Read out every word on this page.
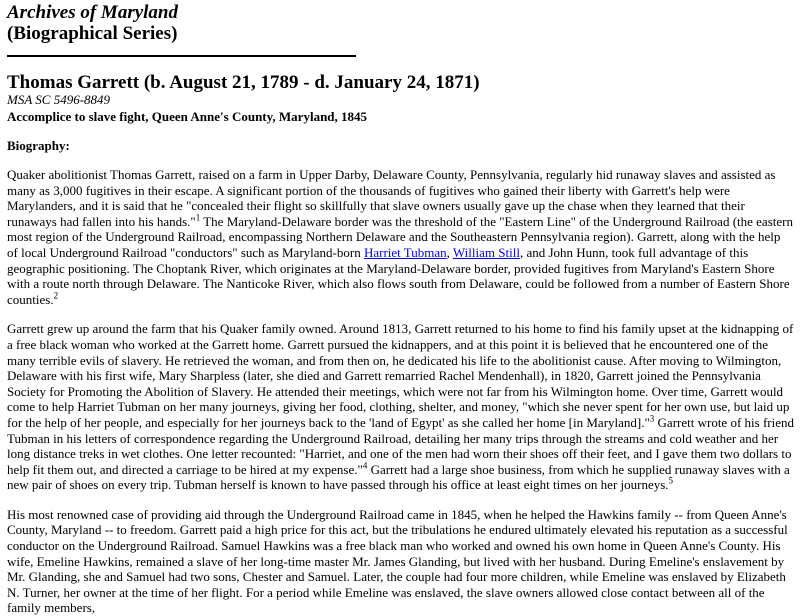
Archives of Maryland
(Biographical Series)
Thomas Garrett (b. August 21, 1789 - d. January 24, 1871)
MSA SC 5496-8849
Accomplice to slave fight, Queen Anne's County, Maryland, 1845
Biography:

Quaker abolitionist Thomas Garrett, raised on a farm in Upper Darby, Delaware County, Pennsylvania, regularly hid runaway slaves and assisted as many as 3,000 fugitives in their escape. A significant portion of the thousands of fugitives who gained their liberty with Garrett's help were Marylanders, and it is said that he "concealed their flight so skillfully that slave owners usually gave up the chase when they learned that their runaways had fallen into his hands."$^1$ The Maryland-Delaware border was the threshold of the "Eastern Line" of the Underground Railroad (the eastern most region of the Underground Railroad, encompassing Northern Delaware and the Southeastern Pennsylvania region). Garrett, along with the help of local Underground Railroad "conductors" such as Maryland-born Harriet Tubman, William Still, and John Hunn, took full advantage of this geographic positioning. The Choptank River, which originates at the Maryland-Delaware border, provided fugitives from Maryland's Eastern Shore with a route north through Delaware. The Nanticoke River, which also flows south from Delaware, could be followed from a number of Eastern Shore counties.$^2$

Garrett grew up around the farm that his Quaker family owned. Around 1813, Garrett returned to his home to find his family upset at the kidnapping of a free black woman who worked at the Garrett home. Garrett pursued the kidnappers, and at this point it is believed that he encountered one of the many terrible evils of slavery. He retrieved the woman, and from then on, he dedicated his life to the abolitionist cause. After moving to Wilmington, Delaware with his first wife, Mary Sharpless (later, she died and Garrett remarried Rachel Mendenhall), in 1820, Garrett joined the Pennsylvania Society for Promoting the Abolition of Slavery. He attended their meetings, which were not far from his Wilmington home. Over time, Garrett would come to help Harriet Tubman on her many journeys, giving her food, clothing, shelter, and money, "which she never spent for her own use, but laid up for the help of her people, and especially for her journeys back to the 'land of Egypt' as she called her home [in Maryland]."$^3$ Garrett wrote of his friend Tubman in his letters of correspondence regarding the Underground Railroad, detailing her many trips through the streams and cold weather and her long distance treks in wet clothes. One letter recounted: "Harriet, and one of the men had worn their shoes off their feet, and I gave them two dollars to help fit them out, and directed a carriage to be hired at my expense."$^4$ Garrett had a large shoe business, from which he supplied runaway slaves with a new pair of shoes on every trip. Tubman herself is known to have passed through his office at least eight times on her journeys.$^5$

His most renowned case of providing aid through the Underground Railroad came in 1845, when he helped the Hawkins family -- from Queen Anne's County, Maryland -- to freedom. Garrett paid a high price for this act, but the tribulations he endured ultimately elevated his reputation as a successful conductor on the Underground Railroad. Samuel Hawkins was a free black man who worked and owned his own home in Queen Anne's County. His wife, Emeline Hawkins, remained a slave of her long-time master Mr. James Glanding, but lived with her husband. During Emeline's enslavement by Mr. Glanding, she and Samuel had two sons, Chester and Samuel. Later, the couple had four more children, while Emeline was enslaved by Elizabeth N. Turner, her owner at the time of her flight. For a period while Emeline was enslaved, the slave owners allowed close contact between all of the family members,
